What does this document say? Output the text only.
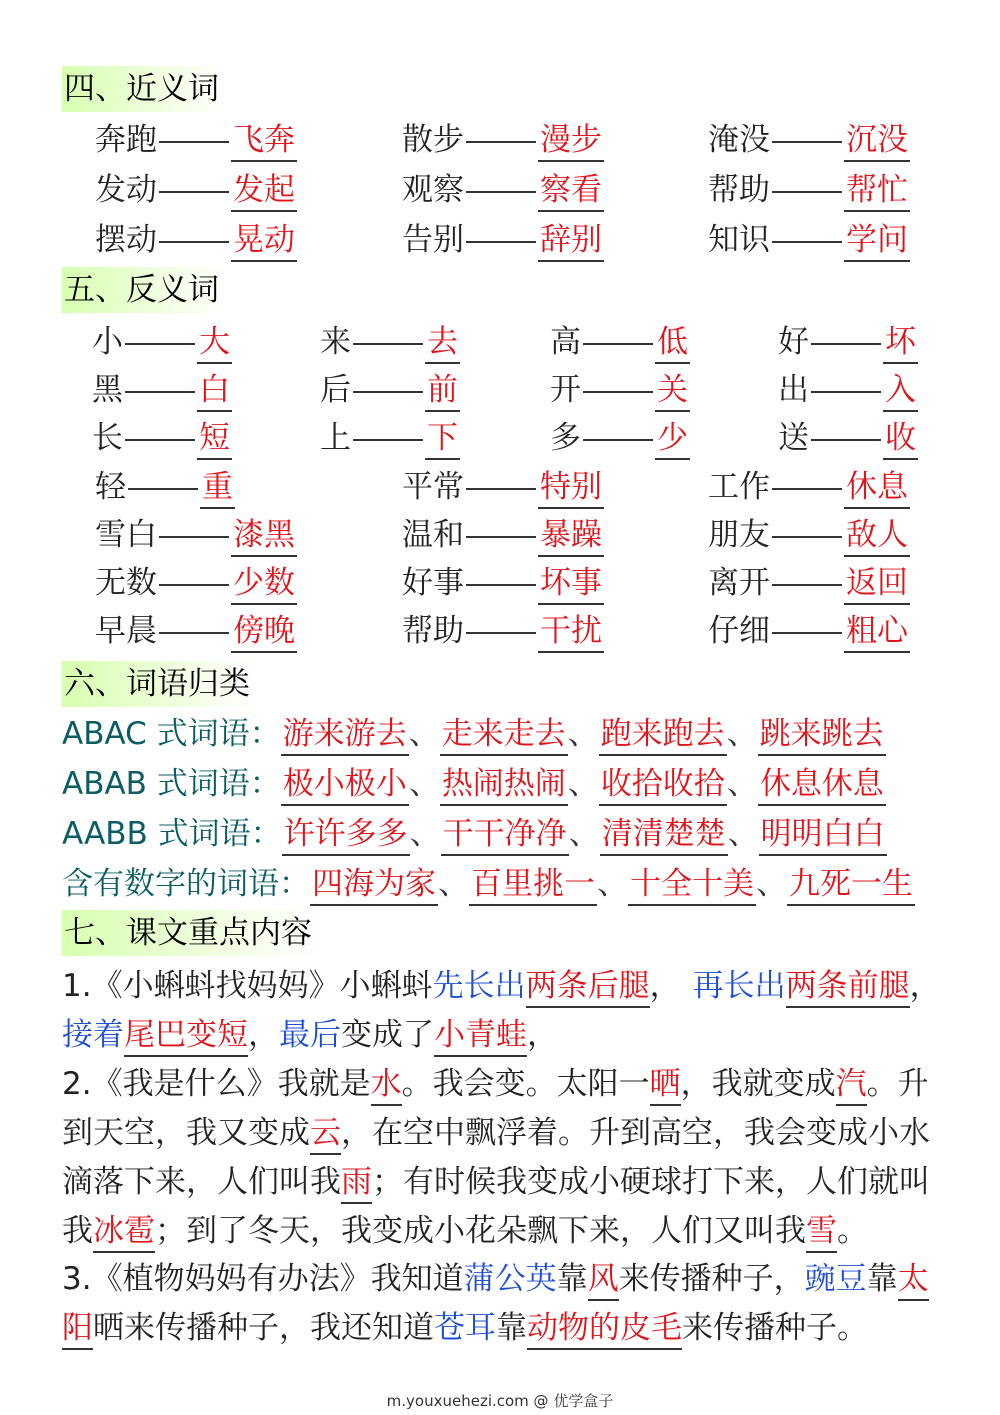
四、近义词
奔跑 飞奔	散步 漫步	淹没 沉没
发动 发起	观察 察看	帮助 帮忙
摆动 晃动	告别 辞别	知识 学问
五、反义词
小 大	来 去	高 低	好 坏
黑 白	后 前	开 关	出 入
长 短	上 下	多 少	送 收
轻 重	平常 特别	工作 休息
雪白 漆黑	温和 暴躁	朋友 敌人
无数 少数	好事 坏事	离开 返回
早晨 傍晚	帮助 干扰	仔细 粗心
六、词语归类
ABAC 式词语：游来游去、走来走去、跑来跑去、跳来跳去
ABAB 式词语：极小极小、热闹热闹、收拾收拾、休息休息
AABB 式词语：许许多多、干干净净、清清楚楚、明明白白
含有数字的词语：四海为家、百里挑一、十全十美、九死一生
七、课文重点内容
1.《小蝌蚪找妈妈》小蝌蚪先长出两条后腿， 再长出两条前腿，
接着尾巴变短，最后变成了小青蛙，
2.《我是什么》我就是水。我会变。太阳一晒，我就变成汽。升
到天空，我又变成云，在空中飘浮着。升到高空，我会变成小水
滴落下来，人们叫我雨；有时候我变成小硬球打下来，人们就叫
我冰雹；到了冬天，我变成小花朵飘下来，人们又叫我雪。
3.《植物妈妈有办法》我知道蒲公英靠风来传播种子，豌豆靠太
阳晒来传播种子，我还知道苍耳靠动物的皮毛来传播种子。
m.youxuehezi.com @ 优学盒子
